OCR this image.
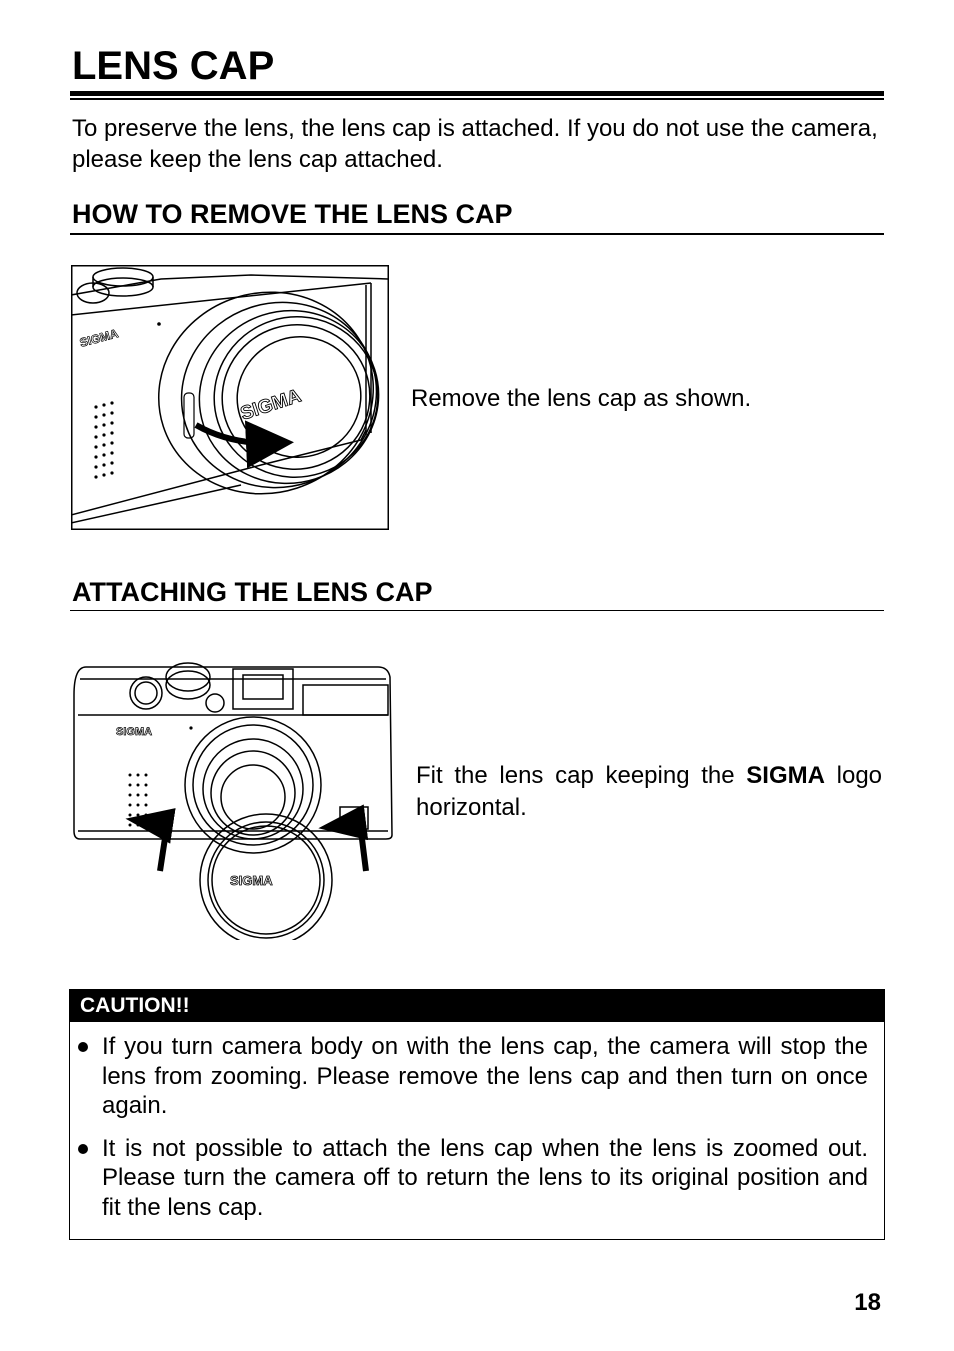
LENS CAP

To preserve the lens, the lens cap is attached. If you do not use the camera, please keep the lens cap attached.

HOW TO REMOVE THE LENS CAP
SIGMA
SIGMA	Remove the lens cap as shown.

ATTACHING THE LENS CAP
SIGMA
SIGMA

Fit the lens cap keeping the SIGMA logo horizontal.

CAUTION!!
If you turn camera body on with the lens cap, the camera will stop the lens from zooming. Please remove the lens cap and then turn on once again.
It is not possible to attach the lens cap when the lens is zoomed out. Please turn the camera off to return the lens to its original position and fit the lens cap.
18
